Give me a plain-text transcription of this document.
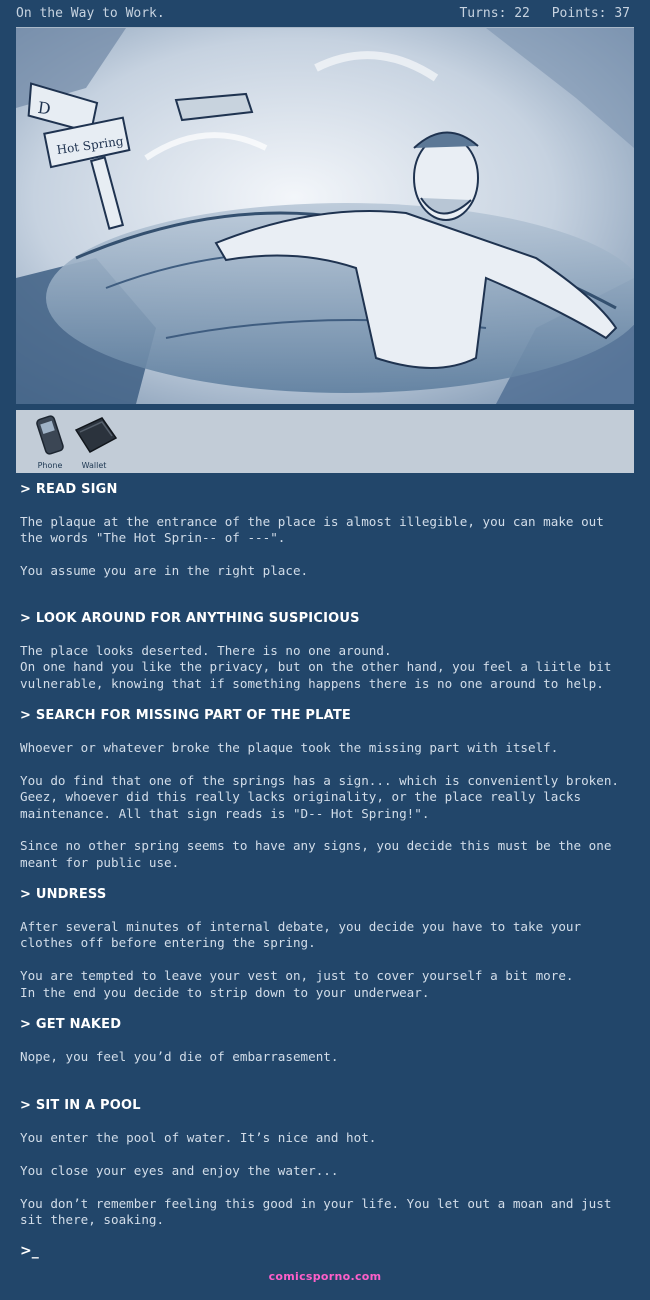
On the Way to Work.	Turns: 22 Points: 37
D
Hot Spring
Phone	Wallet
> READ SIGN
The plaque at the entrance of the place is almost illegible, you can make out
the words "The Hot Sprin-- of ---".

You assume you are in the right place.
> LOOK AROUND FOR ANYTHING SUSPICIOUS
The place looks deserted. There is no one around.
On one hand you like the privacy, but on the other hand, you feel a liitle bit
vulnerable, knowing that if something happens there is no one around to help.
> SEARCH FOR MISSING PART OF THE PLATE
Whoever or whatever broke the plaque took the missing part with itself.

You do find that one of the springs has a sign... which is conveniently broken.
Geez, whoever did this really lacks originality, or the place really lacks
maintenance. All that sign reads is "D-- Hot Spring!".

Since no other spring seems to have any signs, you decide this must be the one
meant for public use.
> UNDRESS
After several minutes of internal debate, you decide you have to take your
clothes off before entering the spring.

You are tempted to leave your vest on, just to cover yourself a bit more.
In the end you decide to strip down to your underwear.
> GET NAKED
Nope, you feel you’d die of embarrasement.
> SIT IN A POOL
You enter the pool of water. It’s nice and hot.

You close your eyes and enjoy the water...

You don’t remember feeling this good in your life. You let out a moan and just
sit there, soaking.
>_
comicsporno.com
